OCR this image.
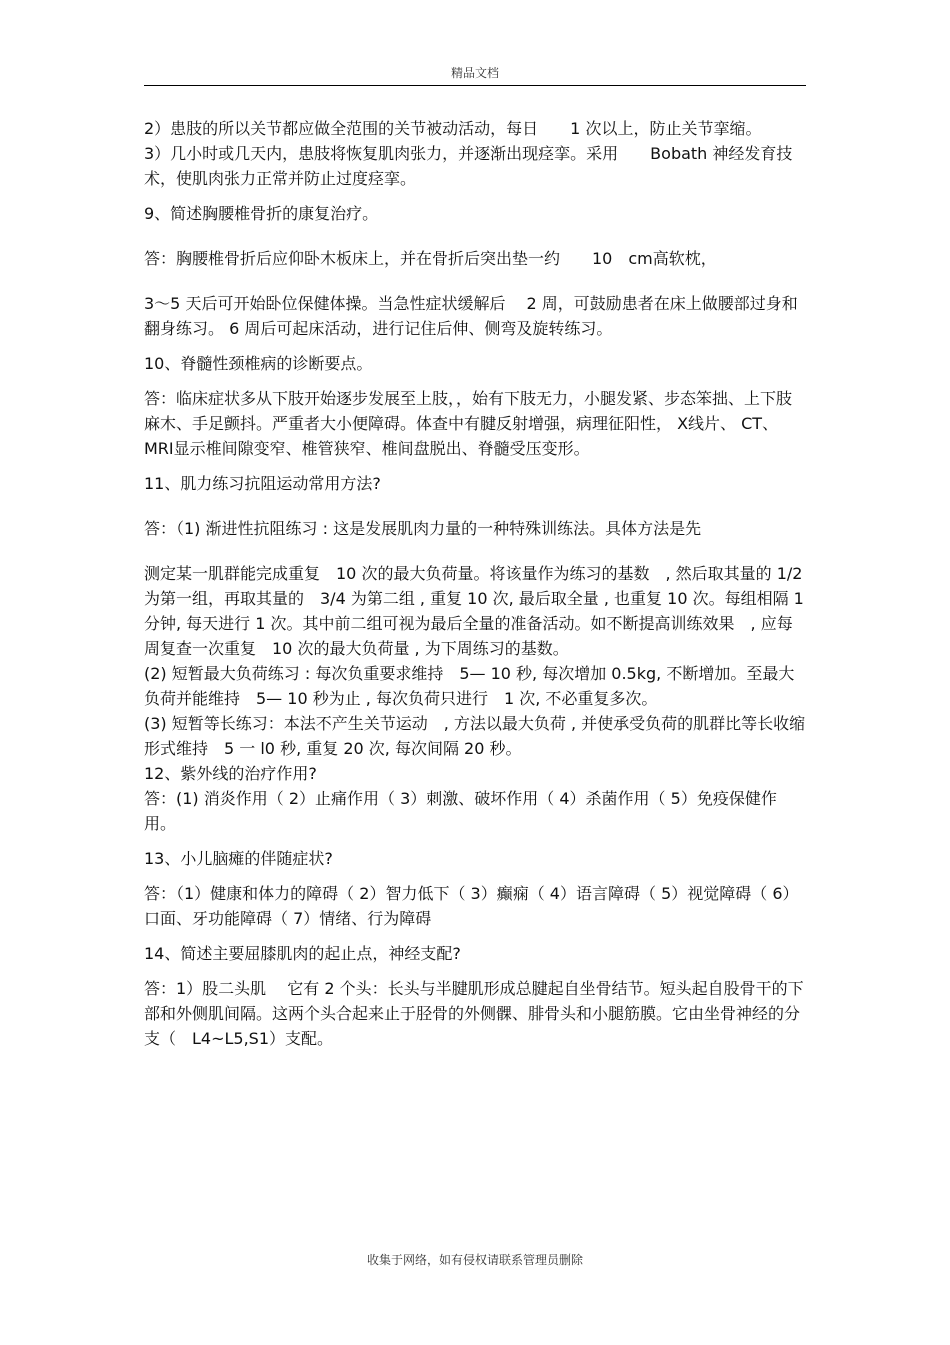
精品文档

2）患肢的所以关节都应做全范围的关节被动活动，每日　　1 次以上，防止关节挛缩。

3）几小时或几天内，患肢将恢复肌肉张力，并逐渐出现痉挛。采用　　Bobath 神经发育技术，使肌肉张力正常并防止过度痉挛。

9、简述胸腰椎骨折的康复治疗。

答：胸腰椎骨折后应仰卧木板床上，并在骨折后突出垫一约　　10　cm高软枕，

3～5 天后可开始卧位保健体操。当急性症状缓解后　 2 周，可鼓励患者在床上做腰部过身和翻身练习。 6 周后可起床活动，进行记住后伸、侧弯及旋转练习。

10、脊髓性颈椎病的诊断要点。

答：临床症状多从下肢开始逐步发展至上肢，，始有下肢无力，小腿发紧、步态笨拙、上下肢麻木、手足颤抖。严重者大小便障碍。体查中有腱反射增强，病理征阳性， X线片、 CT、 MRI显示椎间隙变窄、椎管狭窄、椎间盘脱出、脊髓受压变形。

11、肌力练习抗阻运动常用方法?

答：（1) 渐进性抗阻练习 : 这是发展肌肉力量的一种特殊训练法。具体方法是先

测定某一肌群能完成重复　10 次的最大负荷量。将该量作为练习的基数　, 然后取其量的 1/2 为第一组，再取其量的　3/4 为第二组 , 重复 10 次, 最后取全量 , 也重复 10 次。每组相隔 1 分钟, 每天进行 1 次。其中前二组可视为最后全量的准备活动。如不断提高训练效果　, 应每周复查一次重复　10 次的最大负荷量 , 为下周练习的基数。

(2) 短暂最大负荷练习 : 每次负重要求维持　5— 10 秒, 每次增加 0.5kg, 不断增加。至最大负荷并能维持　5— 10 秒为止 , 每次负荷只进行　1 次, 不必重复多次。

(3) 短暂等长练习：本法不产生关节运动　, 方法以最大负荷 , 并使承受负荷的肌群比等长收缩形式维持　5 一 l0 秒, 重复 20 次, 每次间隔 20 秒。

12、紫外线的治疗作用?

答：(1) 消炎作用（ 2）止痛作用（ 3）刺激、破坏作用（ 4）杀菌作用（ 5）免疫保健作用。

13、小儿脑瘫的伴随症状?

答：（1）健康和体力的障碍（ 2）智力低下（ 3）癫痫（ 4）语言障碍（ 5）视觉障碍（ 6）口面、牙功能障碍（ 7）情绪、行为障碍

14、简述主要屈膝肌肉的起止点，神经支配?

答：1）股二头肌　 它有 2 个头：长头与半腱肌形成总腱起自坐骨结节。短头起自股骨干的下部和外侧肌间隔。这两个头合起来止于胫骨的外侧髁、腓骨头和小腿筋膜。它由坐骨神经的分支（　L4~L5,S1）支配。

收集于网络，如有侵权请联系管理员删除
